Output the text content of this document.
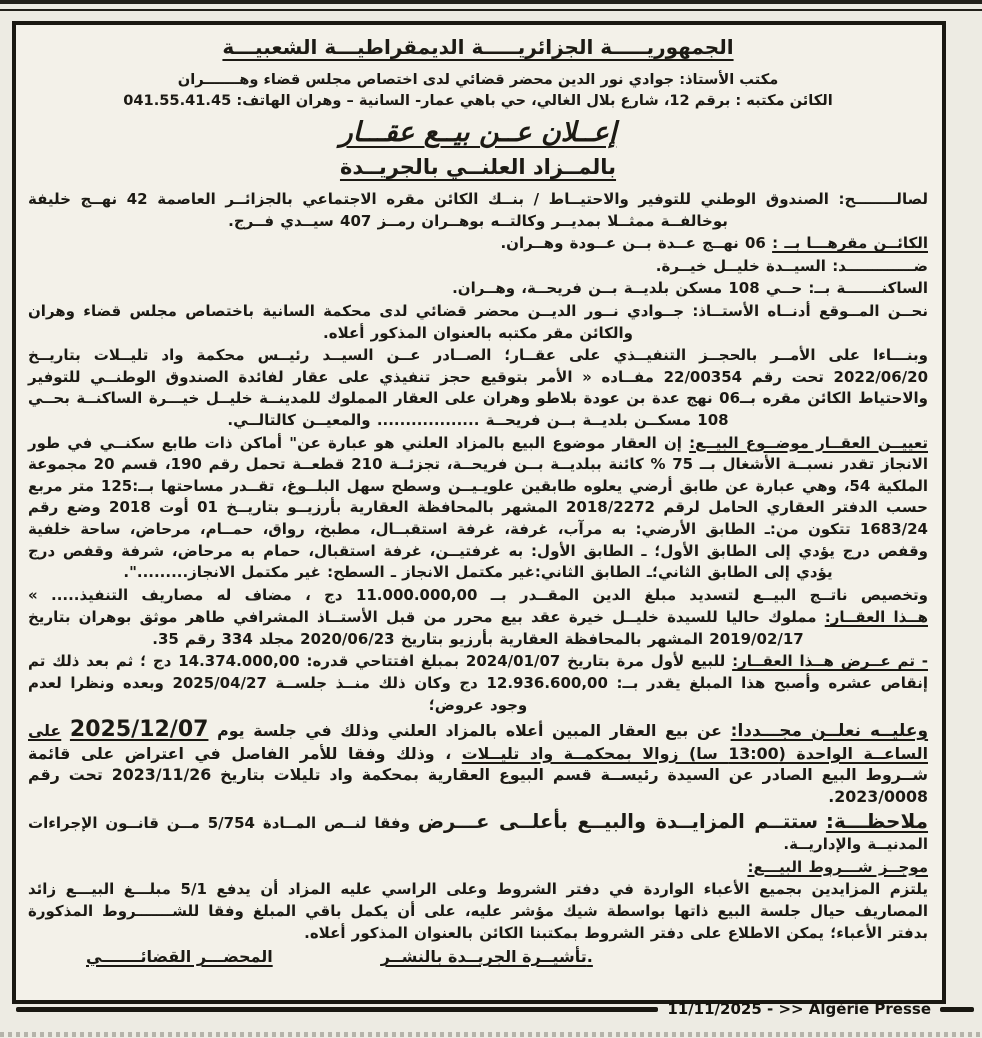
الجمهوريـــــة الجزائريـــــة الديمقراطيـــة الشعبيـــة
مكتب الأستاذ: جوادي نور الدين محضر قضائي لدى اختصاص مجلس قضاء وهـــــــران
الكائن مكتبه : برقم 12، شارع بلال الغالي، حي باهي عمار- السانية – وهران الهاتف: 041.55.41.45
إعــلان عــن بيــع عقـــار
بالمــزاد العلنــي بالجريــدة

لصالــــــــح: الصندوق الوطني للتوفير والاحتيــاط / بنــك الكائن مقره الاجتماعي بالجزائــر العاصمة 42 نهــج خليفة بوخالفــة ممثــلا بمديــر وكالتــه بوهــران رمــز 407 سيــدي فــرج.

الكائــن مقرهـــا بــ : 06 نهــج عــدة بــن عــودة وهــران.

ضـــــــــــــد: السيــدة خليــل خيــرة.

الساكنـــــــة بــ: حــي 108 مسكن بلديــة بــن فريحــة، وهــران.

نحــن المــوقع أدنــاه الأستــاذ: جــوادي نــور الديــن محضر قضائي لدى محكمة السانية باختصاص مجلس قضاء وهران والكائن مقر مكتبه بالعنوان المذكور أعلاه.

وبنـــاءا على الأمــر بالحجــز التنفيــذي على عقــار؛ الصــادر عــن السيــد رئيــس محكمة واد تليــلات بتاريــخ 2022/06/20 تحت رقم 22/00354 مفــاده « الأمر بتوقيع حجز تنفيذي على عقار لفائدة الصندوق الوطنــي للتوفير والاحتياط الكائن مقره بــ06 نهج عدة بن عودة بلاطو وهران على العقار المملوك للمدينــة خليــل خيـــرة الساكنــة بحــي 108 مسكــن بلديــة بــن فريحــة .................. والمعيــن كالتالــي.

تعييــن العقــار موضــوع البيــع: إن العقار موضوع البيع بالمزاد العلني هو عبارة عن" أماكن ذات طابع سكنــي في طور الانجاز تقدر نسبــة الأشغال بــ 75 % كائنة ببلديــة بــن فريحــة، تجزئــة 210 قطعــة تحمل رقم 190، قسم 20 مجموعة الملكية 54، وهي عبارة عن طابق أرضي يعلوه طابقين علويـيــن وسطح سهل البلــوغ، تقــدر مساحتها بــ:125 متر مربع حسب الدفتر العقاري الحامل لرقم 2018/2272 المشهر بالمحافظة العقارية بأرزيــو بتاريــخ 01 أوت 2018 وضع رقم 1683/24 تتكون من:ـ الطابق الأرضي: به مرآب، غرفة، غرفة استقبــال، مطبخ، رواق، حمــام، مرحاض، ساحة خلفية وقفص درج يؤدي إلى الطابق الأول؛ ـ الطابق الأول: به غرفتيــن، غرفة استقبال، حمام به مرحاض، شرفة وقفص درج يؤدي إلى الطابق الثاني؛ـ الطابق الثاني:غير مكتمل الانجاز ـ السطح: غير مكتمل الانجاز.........".

وتخصيص ناتــج البيــع لتسديد مبلغ الدين المقــدر بــ 11.000.000,00 دج ، مضاف له مصاريف التنفيذ..... »

هــذا العقــار: مملوك حاليا للسيدة خليــل خيرة عقد بيع محرر من قبل الأستــاذ المشرافي طاهر موثق بوهران بتاريخ 2019/02/17 المشهر بالمحافظة العقارية بأرزيو بتاريخ 2020/06/23 مجلد 334 رقم 35.

- تم عــرض هــذا العقــار: للبيع لأول مرة بتاريخ 2024/01/07 بمبلغ افتتاحي قدره: 14.374.000,00 دج ؛ ثم بعد ذلك تم إنقاص عشره وأصبح هذا المبلغ يقدر بــ: 12.936.600,00 دج وكان ذلك منــذ جلســة 2025/04/27 وبعده ونظرا لعدم وجود عروض؛

وعليــه نعلــن مجـــددا: عن بيع العقار المبين أعلاه بالمزاد العلني وذلك في جلسة يوم 2025/12/07 على الساعــة الواحدة (13:00 سا) زوالا بمحكمــة واد تليــلات ، وذلك وفقا للأمر الفاصل في اعتراض على قائمة شــروط البيع الصادر عن السيدة رئيســة قسم البيوع العقارية بمحكمة واد تليلات بتاريخ 2023/11/26 تحت رقم 2023/0008.

ملاحظـــة: ستتــم المزايــدة والبيــع بأعلــى عـــرض وفقا لنــص المــادة 5/754 مــن قانــون الإجراءات المدنيــة والإداريــة.

موجــز شـــروط البيـــع:

يلتزم المزايدين بجميع الأعباء الواردة في دفتر الشروط وعلى الراسي عليه المزاد أن يدفع 5/1 مبلـــغ البيـــع زائد المصاريف حيال جلسة البيع ذاتها بواسطة شيك مؤشر عليه، على أن يكمل باقي المبلغ وفقا للشـــــــروط المذكورة بدفتر الأعباء؛ يمكن الاطلاع على دفتر الشروط بمكتبنا الكائن بالعنوان المذكور أعلاه.

المحضـــر القضائـــــــي	تأشيــرة الجريــدة بالنشــر.
11/11/2025 - >> Algérie Presse
